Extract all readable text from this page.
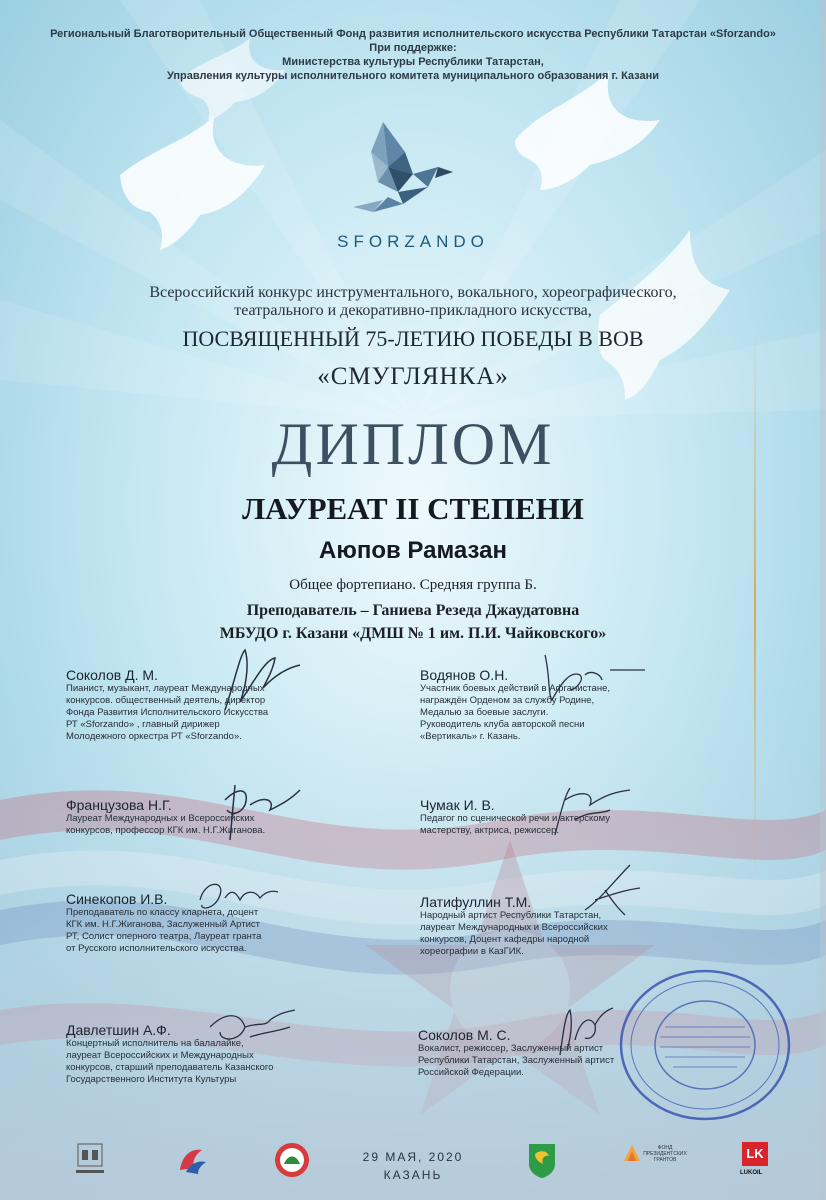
Региональный Благотворительный Общественный Фонд развития исполнительского искусства Республики Татарстан «Sforzando»
При поддержке:
Министерства культуры Республики Татарстан,
Управления культуры исполнительного комитета муниципального образования г. Казани
SFORZANDO
Всероссийский конкурс инструментального, вокального, хореографического,
театрального и декоративно-прикладного искусства,
ПОСВЯЩЕННЫЙ 75-ЛЕТИЮ ПОБЕДЫ В ВОВ
«СМУГЛЯНКА»
ДИПЛОМ
ЛАУРЕАТ II СТЕПЕНИ
Аюпов Рамазан
Общее фортепиано. Средняя группа Б.
Преподаватель – Ганиева Резеда Джаудатовна
МБУДО г. Казани «ДМШ № 1 им. П.И. Чайковского»
Соколов Д. М.
Пианист, музыкант, лауреат Международных
конкурсов. общественный деятель, директор
Фонда Развития Исполнительского Искусства
РТ «Sforzando» , главный дирижер
Молодежного оркестра РТ «Sforzando».
Водянов О.Н.
Участник боевых действий в Афганистане,
награждён Орденом за службу Родине,
Медалью за боевые заслуги.
Руководитель клуба авторской песни
«Вертикаль» г. Казань.
Французова Н.Г.
Лауреат Международных и Всероссийских
конкурсов, профессор КГК им. Н.Г.Жиганова.
Чумак И. В.
Педагог по сценической речи и актерскому
мастерству, актриса, режиссер.
Синекопов И.В.
Преподаватель по классу кларнета, доцент
КГК им. Н.Г.Жиганова, Заслуженный Артист
РТ, Солист оперного театра, Лауреат гранта
от Русского исполнительского искусства.
Латифуллин Т.М.
Народный артист Республики Татарстан,
лауреат Международных и Всероссийских
конкурсов, Доцент кафедры народной
хореографии в КазГИК.
Давлетшин А.Ф.
Концертный исполнитель на балалайке,
лауреат Всероссийских и Международных
конкурсов, старший преподаватель Казанского
Государственного Института Культуры
Соколов М. С.
Вокалист, режиссер, Заслуженный артист
Республики Татарстан, Заслуженный артист
Российской Федерации.
29 МАЯ, 2020
КАЗАНЬ
ФОНД ПРЕЗИДЕНТСКИХ ГРАНТОВ	LK
LUKOIL
